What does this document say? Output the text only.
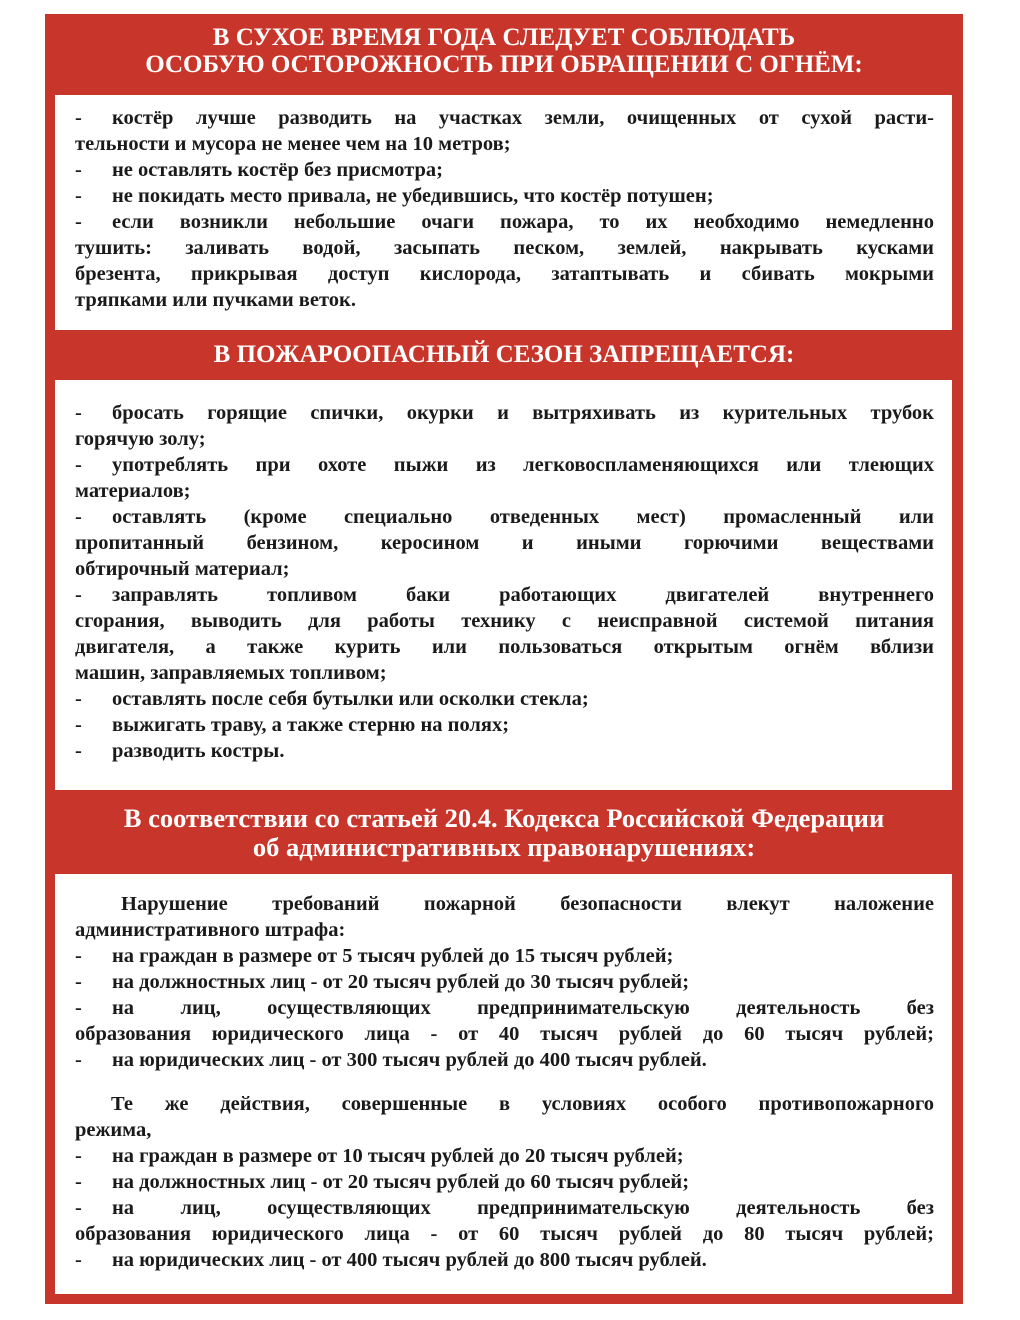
В СУХОЕ ВРЕМЯ ГОДА СЛЕДУЕТ СОБЛЮДАТЬ
ОСОБУЮ ОСТОРОЖНОСТЬ ПРИ ОБРАЩЕНИИ С ОГНЁМ:
- костёр лучше разводить на участках земли, очищенных от сухой расти-
тельности и мусора не менее чем на 10 метров;
- не оставлять костёр без присмотра;
- не покидать место привала, не убедившись, что костёр потушен;
- если возникли небольшие очаги пожара, то их необходимо немедленно
тушить: заливать водой, засыпать песком, землей, накрывать кусками
брезента, прикрывая доступ кислорода, затаптывать и сбивать мокрыми
тряпками или пучками веток.
В ПОЖАРООПАСНЫЙ СЕЗОН ЗАПРЕЩАЕТСЯ:
- бросать горящие спички, окурки и вытряхивать из курительных трубок
горячую золу;
- употреблять при охоте пыжи из легковоспламеняющихся или тлеющих
материалов;
- оставлять (кроме специально отведенных мест) промасленный или
пропитанный бензином, керосином и иными горючими веществами
обтирочный материал;
- заправлять топливом баки работающих двигателей внутреннего
сгорания, выводить для работы технику с неисправной системой питания
двигателя, а также курить или пользоваться открытым огнём вблизи
машин, заправляемых топливом;
- оставлять после себя бутылки или осколки стекла;
- выжигать траву, а также стерню на полях;
- разводить костры.
В соответствии со статьей 20.4. Кодекса Российской Федерации
об административных правонарушениях:
Нарушение требований пожарной безопасности влекут наложение
административного штрафа:
- на граждан в размере от 5 тысяч рублей до 15 тысяч рублей;
- на должностных лиц - от 20 тысяч рублей до 30 тысяч рублей;
- на лиц, осуществляющих предпринимательскую деятельность без
образования юридического лица - от 40 тысяч рублей до 60 тысяч рублей;
- на юридических лиц - от 300 тысяч рублей до 400 тысяч рублей.
Те же действия, совершенные в условиях особого противопожарного
режима,
- на граждан в размере от 10 тысяч рублей до 20 тысяч рублей;
- на должностных лиц - от 20 тысяч рублей до 60 тысяч рублей;
- на лиц, осуществляющих предпринимательскую деятельность без
образования юридического лица - от 60 тысяч рублей до 80 тысяч рублей;
- на юридических лиц - от 400 тысяч рублей до 800 тысяч рублей.
